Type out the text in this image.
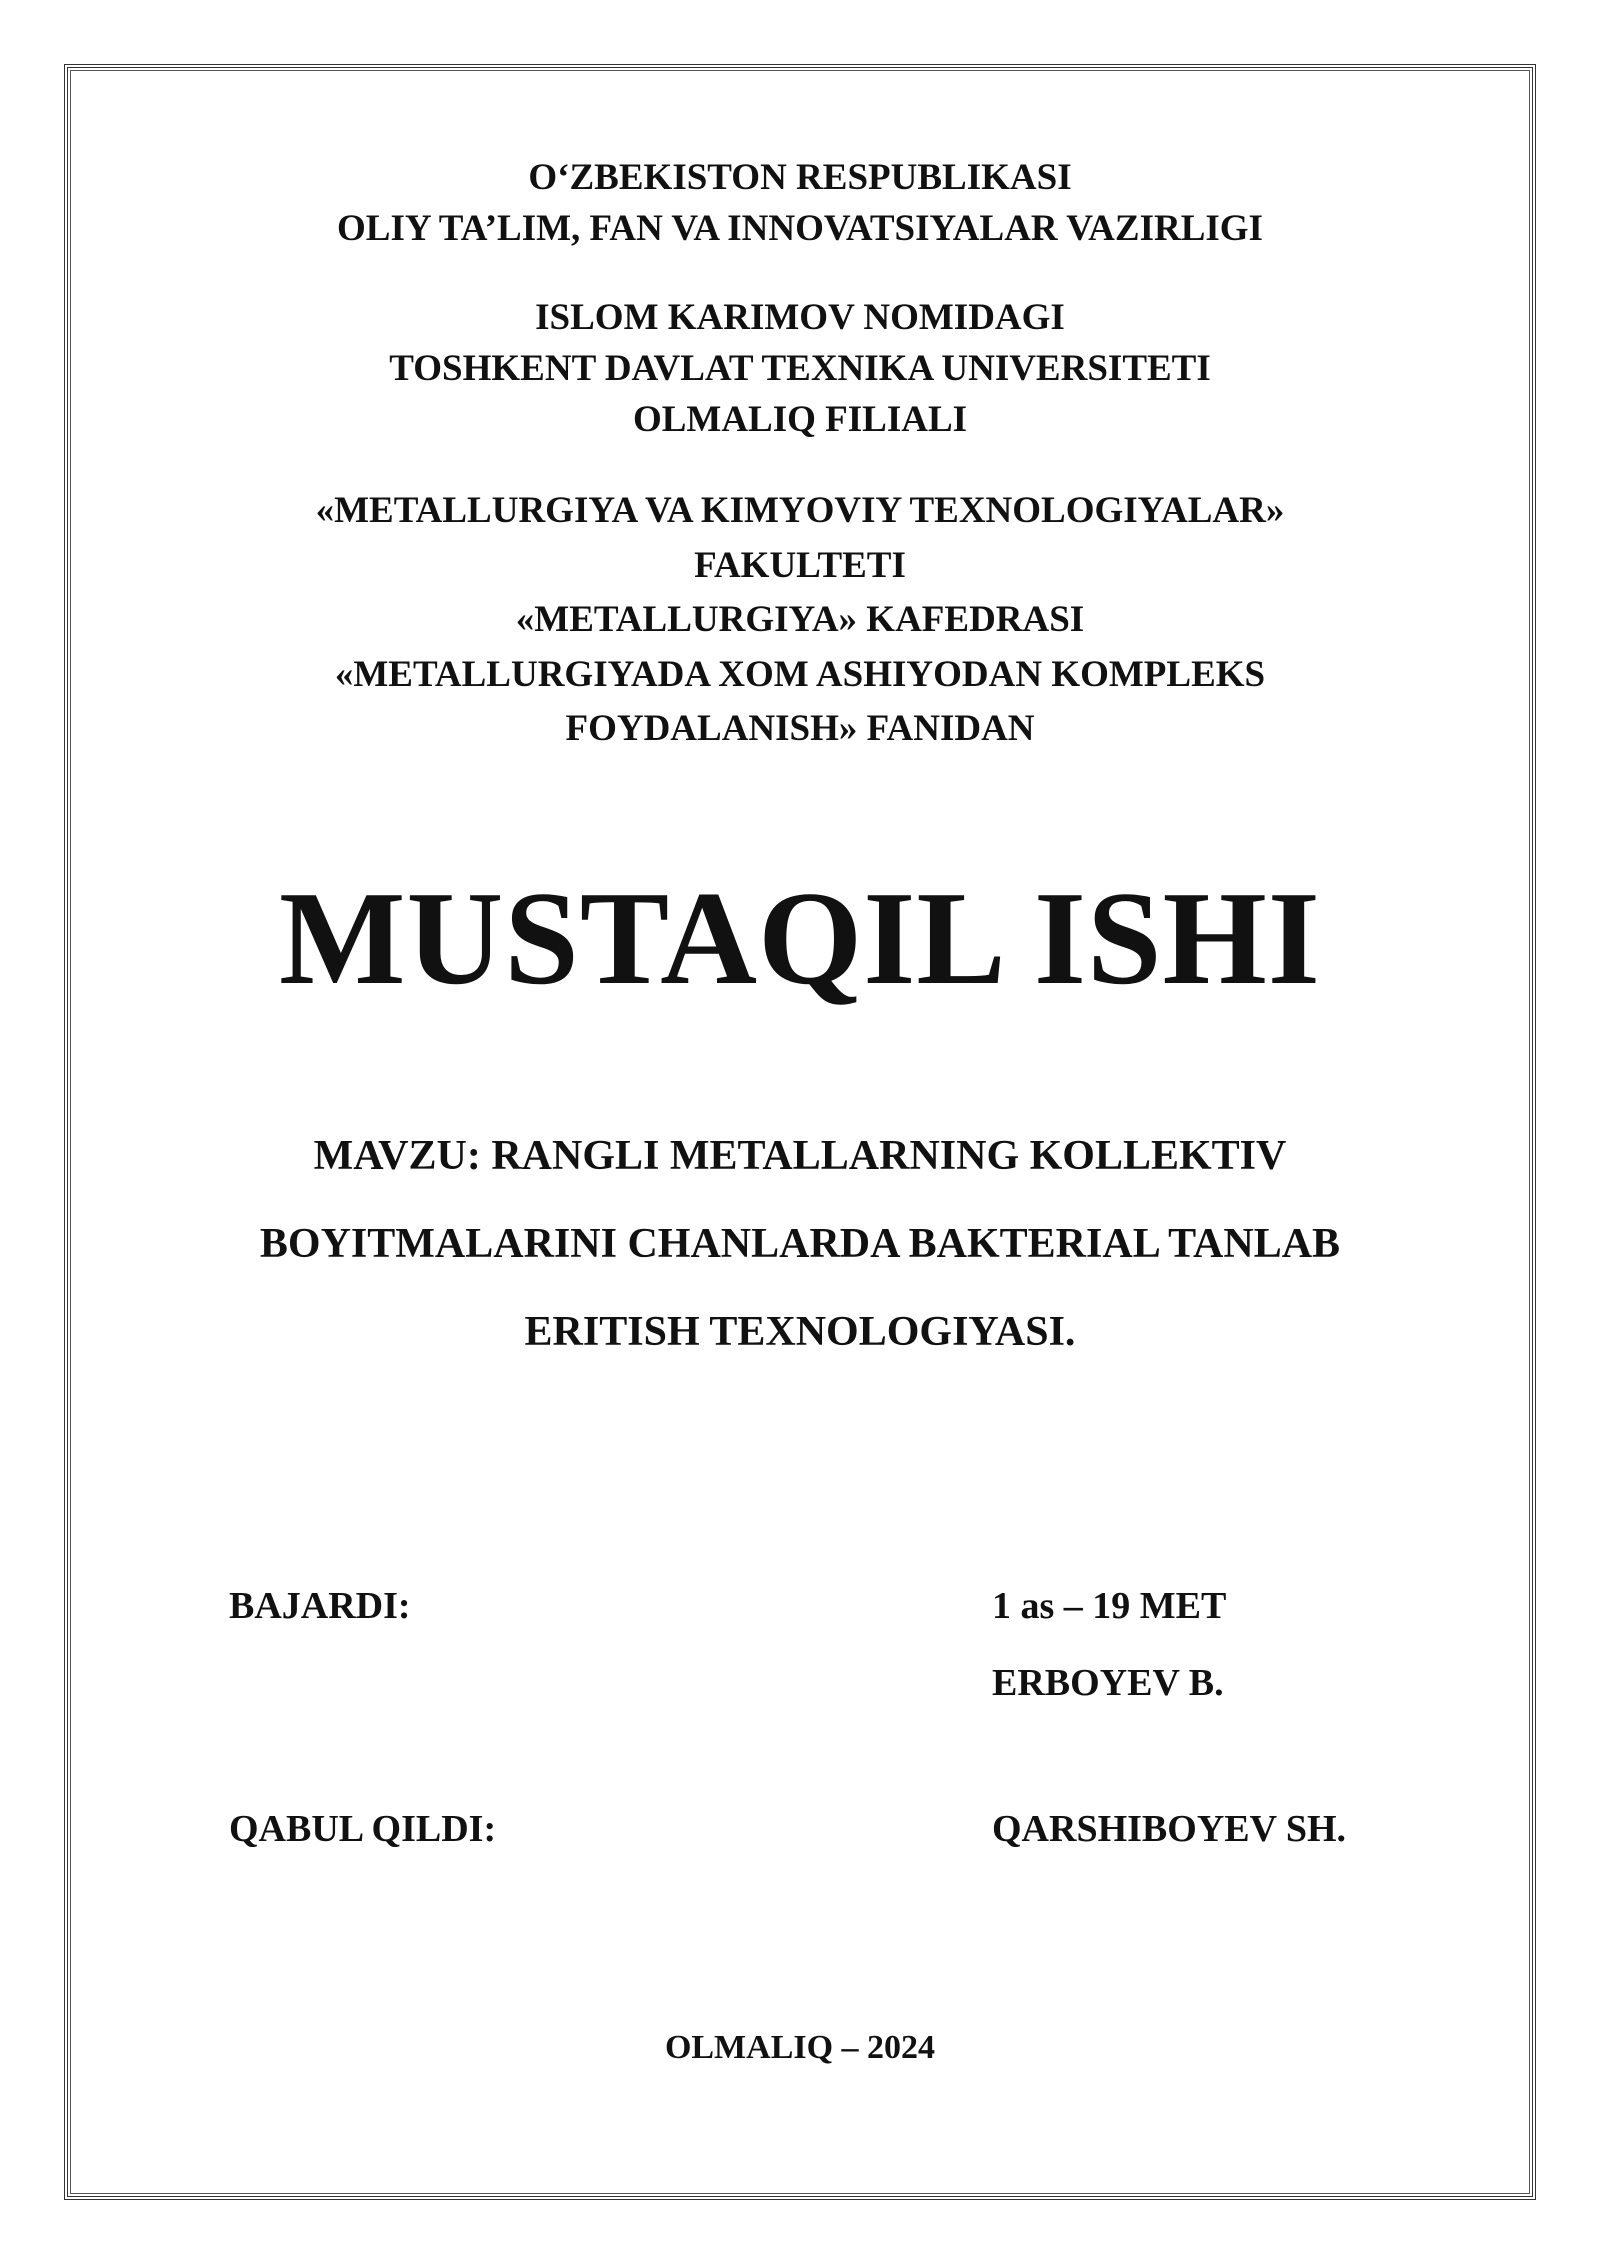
O‘ZBEKISTON RESPUBLIKASI
OLIY TA’LIM, FAN VA INNOVATSIYALAR VAZIRLIGI
ISLOM KARIMOV NOMIDAGI
TOSHKENT DAVLAT TEXNIKA UNIVERSITETI
OLMALIQ FILIALI
«METALLURGIYA VA KIMYOVIY TEXNOLOGIYALAR»
FAKULTETI
«METALLURGIYA» KAFEDRASI
«METALLURGIYADA XOM ASHIYODAN KOMPLEKS
FOYDALANISH» FANIDAN
MUSTAQIL ISHI
MAVZU: RANGLI METALLARNING KOLLEKTIV
BOYITMALARINI CHANLARDA BAKTERIAL TANLAB
ERITISH TEXNOLOGIYASI.
BAJARDI:	1 as – 19 MET
ERBOYEV B.
QABUL QILDI:	QARSHIBOYEV SH.
OLMALIQ – 2024
